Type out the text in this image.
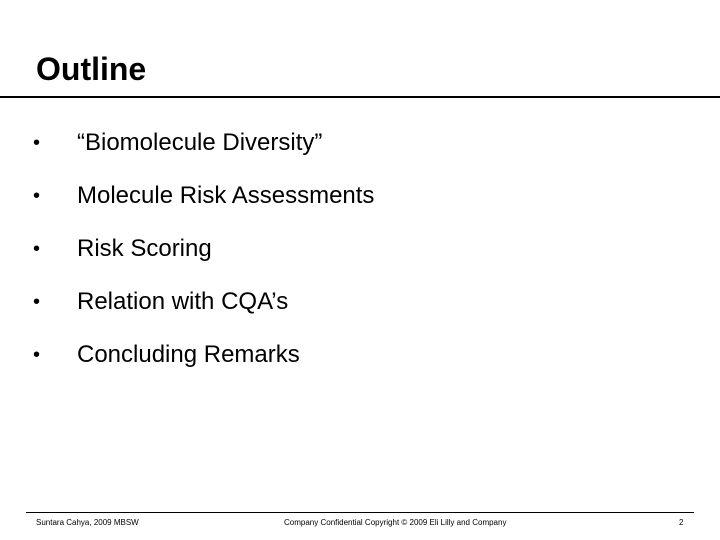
Outline
• “Biomolecule Diversity”
• Molecule Risk Assessments
• Risk Scoring
• Relation with CQA’s
• Concluding Remarks
Suntara Cahya, 2009 MBSW	Company Confidential Copyright © 2009 Eli Lilly and Company	2
